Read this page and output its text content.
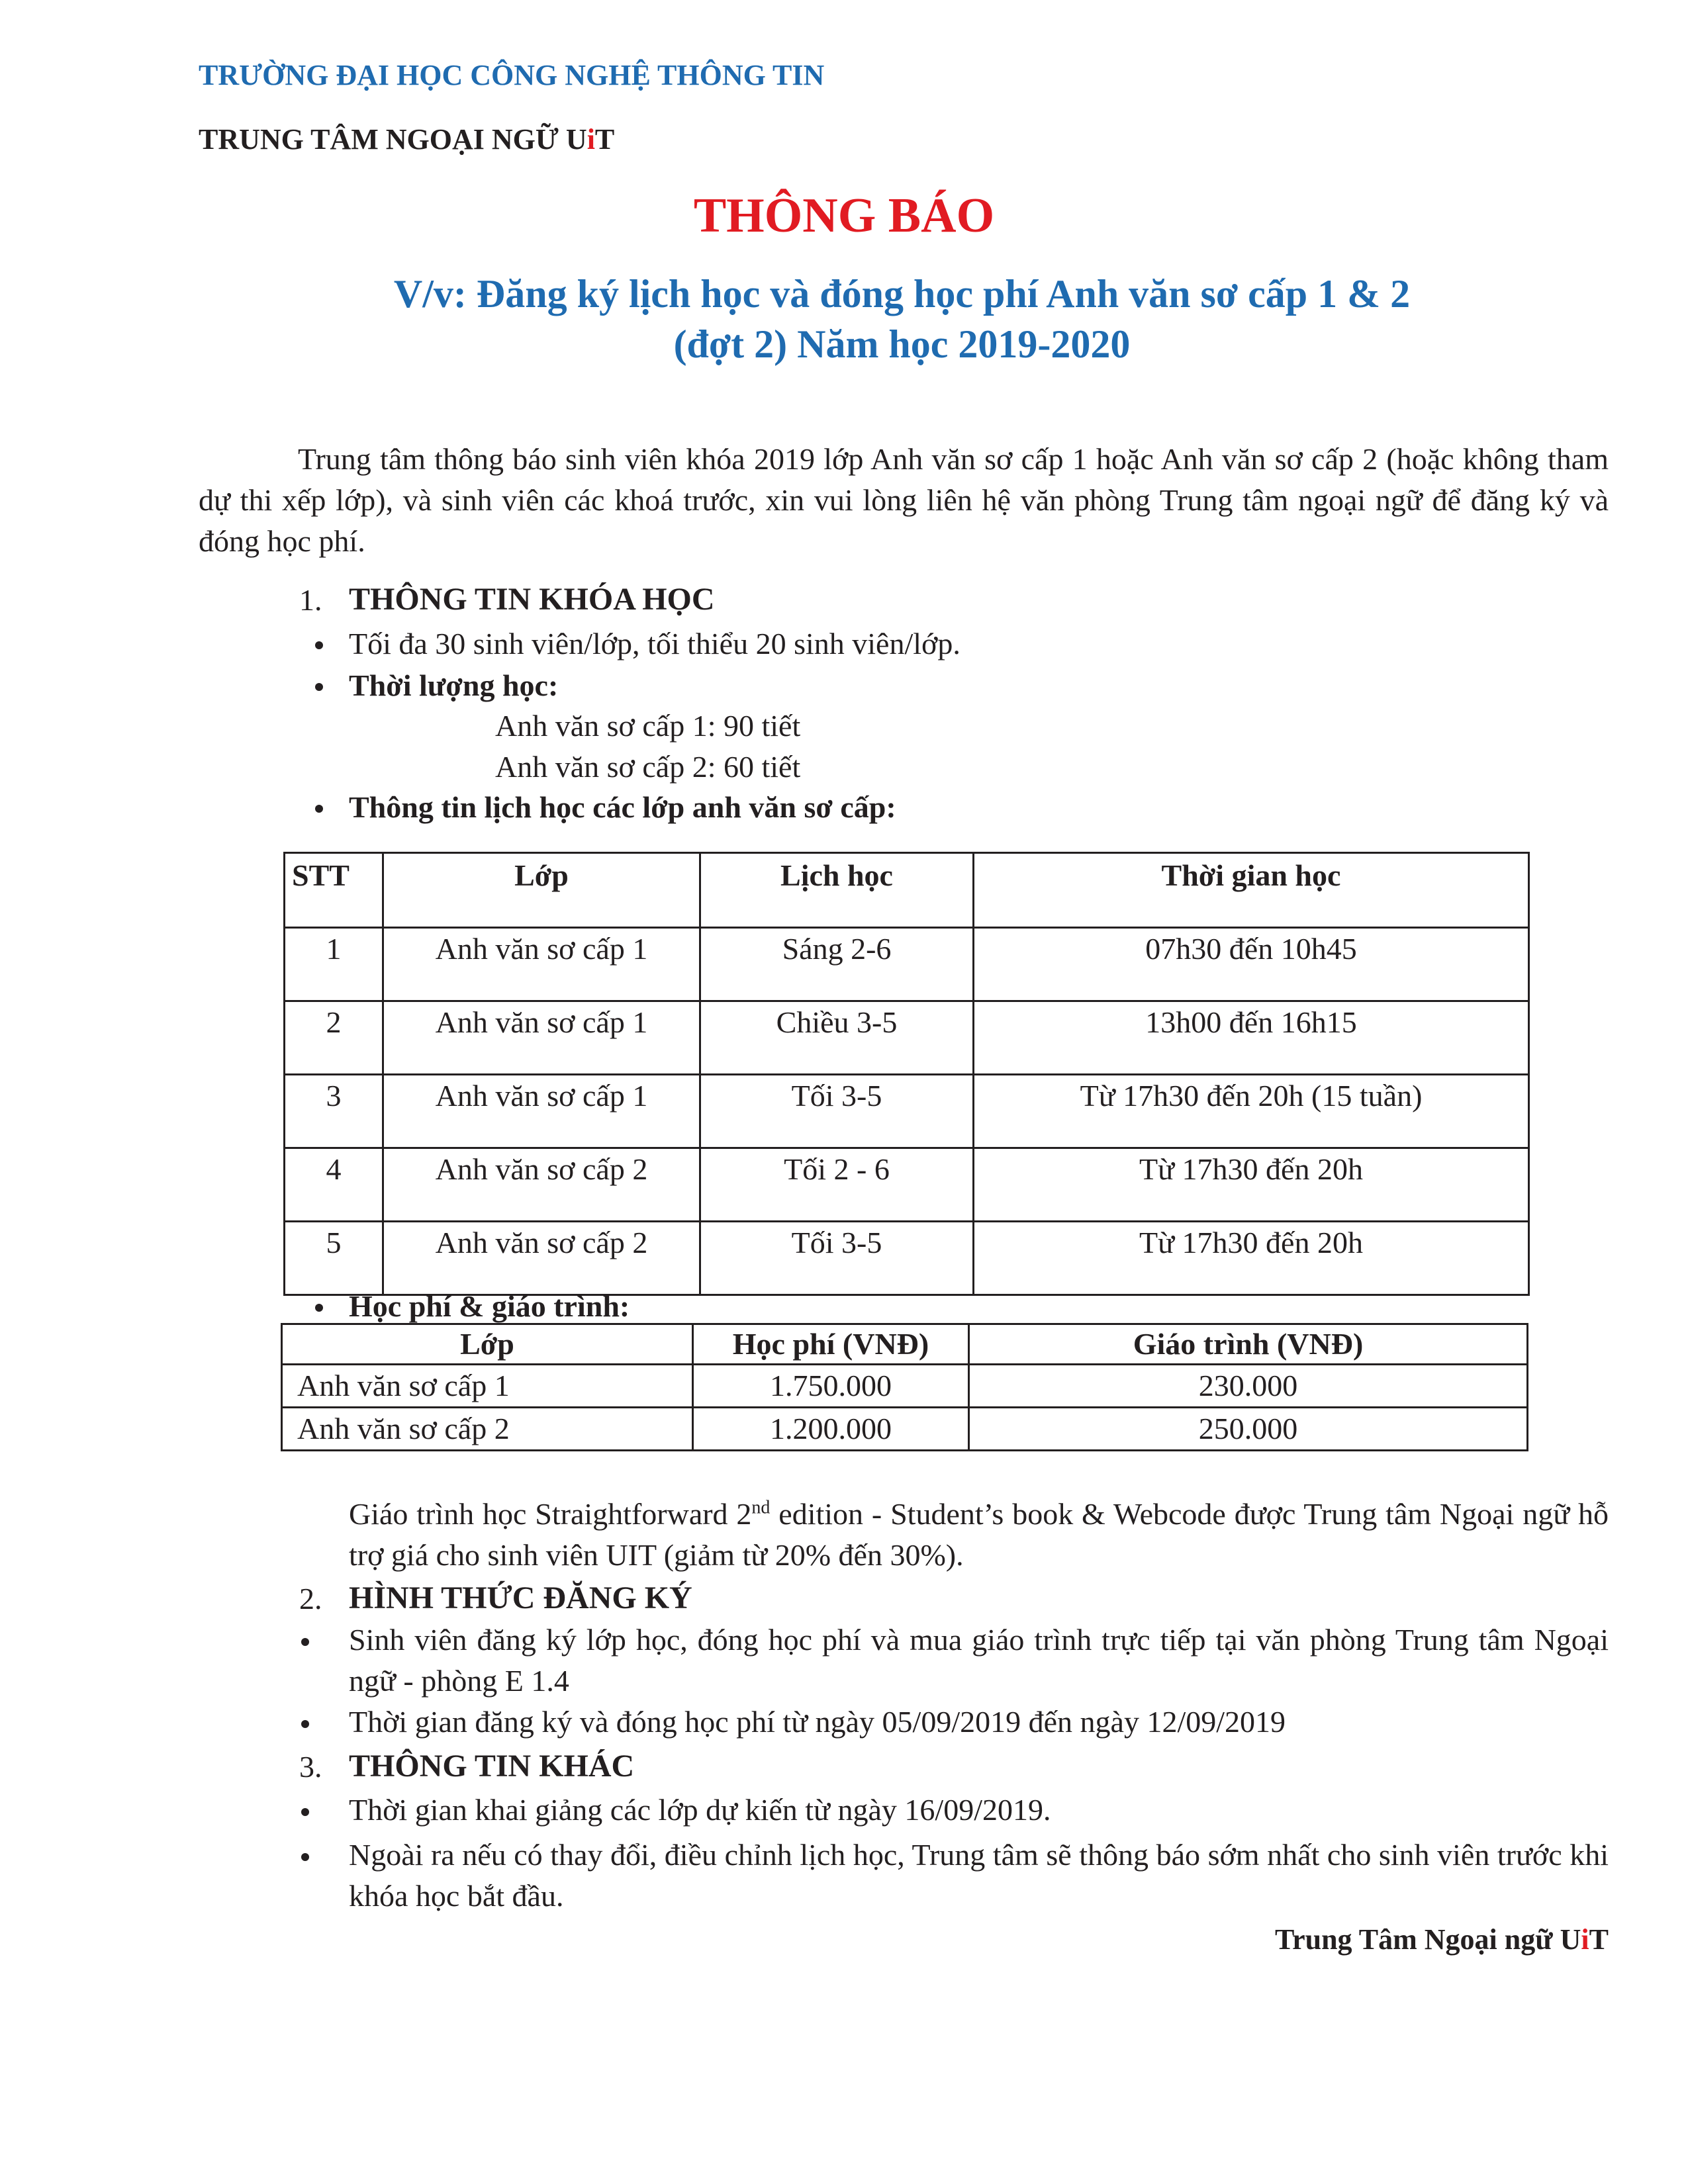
TRƯỜNG ĐẠI HỌC CÔNG NGHỆ THÔNG TIN
TRUNG TÂM NGOẠI NGỮ UiT
THÔNG BÁO
V/v: Đăng ký lịch học và đóng học phí Anh văn sơ cấp 1 & 2
(đợt 2) Năm học 2019-2020
Trung tâm thông báo sinh viên khóa 2019 lớp Anh văn sơ cấp 1 hoặc Anh văn sơ cấp 2 (hoặc không tham dự thi xếp lớp), và sinh viên các khoá trước, xin vui lòng liên hệ văn phòng Trung tâm ngoại ngữ để đăng ký và đóng học phí.
1. THÔNG TIN KHÓA HỌC
Tối đa 30 sinh viên/lớp, tối thiểu 20 sinh viên/lớp.
Thời lượng học:
Anh văn sơ cấp 1: 90 tiết
Anh văn sơ cấp 2: 60 tiết
Thông tin lịch học các lớp anh văn sơ cấp:
STT	Lớp	Lịch học	Thời gian học
1	Anh văn sơ cấp 1	Sáng 2-6	07h30 đến 10h45
2	Anh văn sơ cấp 1	Chiều 3-5	13h00 đến 16h15
3	Anh văn sơ cấp 1	Tối 3-5	Từ 17h30 đến 20h (15 tuần)
4	Anh văn sơ cấp 2	Tối 2 - 6	Từ 17h30 đến 20h
5	Anh văn sơ cấp 2	Tối 3-5	Từ 17h30 đến 20h
Học phí & giáo trình:
Lớp	Học phí (VNĐ)	Giáo trình (VNĐ)
Anh văn sơ cấp 1	1.750.000	230.000
Anh văn sơ cấp 2	1.200.000	250.000
Giáo trình học Straightforward 2nd edition - Student’s book & Webcode được Trung tâm Ngoại ngữ hỗ trợ giá cho sinh viên UIT (giảm từ 20% đến 30%).
2. HÌNH THỨC ĐĂNG KÝ
Sinh viên đăng ký lớp học, đóng học phí và mua giáo trình trực tiếp tại văn phòng Trung tâm Ngoại ngữ - phòng E 1.4
Thời gian đăng ký và đóng học phí từ ngày 05/09/2019 đến ngày 12/09/2019
3. THÔNG TIN KHÁC
Thời gian khai giảng các lớp dự kiến từ ngày 16/09/2019.
Ngoài ra nếu có thay đổi, điều chỉnh lịch học, Trung tâm sẽ thông báo sớm nhất cho sinh viên trước khi khóa học bắt đầu.
Trung Tâm Ngoại ngữ UiT
